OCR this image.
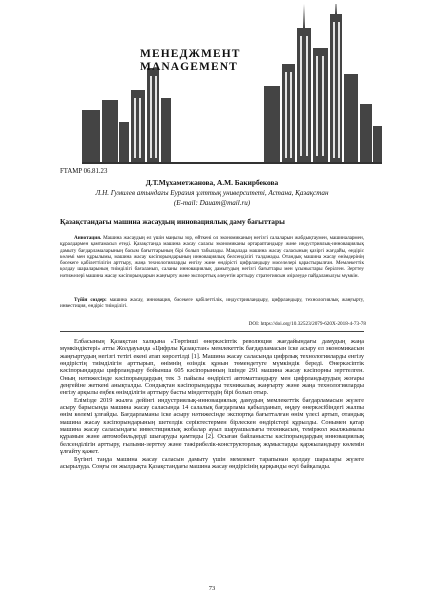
МЕНЕДЖМЕНТ
MANAGEMENT
FTAMP 06.81.23
Д.Т.Мұхаметжанова, А.М. Бакирбекова
Л.Н. Гумилев атындағы Еуразия ұлттық университеті, Астана, Қазақстан
(E-mail: Dauam@mail.ru)
Қазақстандағы машина жасаудың инновациялық даму бағыттары
Аннотация. Машина жасаудың ел үшін маңызы зор, өйткені ол экономиканың негізгі салаларын жабдықтаумен, машиналармен, құралдармен қамтамасыз етеді. Қазақстанда машина жасау саласы экономиканы әртараптандыру және индустриялық-инновациялық дамыту бағдарламаларының басым бағыттарының бірі болып табылады. Мақалада машина жасау саласының қазіргі жағдайы, өндіріс көлемі мен құрылымы, машина жасау кәсіпорындарының инновациялық белсенділігі талданады. Отандық машина жасау өнімдерінің бәсекеге қабілеттілігін арттыру, жаңа технологияларды енгізу және өндірісті цифрландыру мәселелері қарастырылған. Мемлекеттік қолдау шараларының тиімділігі бағаланып, саланы инновациялық дамытудың негізгі бағыттары мен ұсыныстары берілген. Зерттеу нәтижелері машина жасау кәсіпорындарын жаңғырту және экспорттық әлеуетін арттыру стратегиясын әзірлеуде пайдаланылуы мүмкін.
Түйін сөздер: машина жасау, инновация, бәсекеге қабілеттілік, индустрияландыру, цифрландыру, технологиялық жаңғырту, инвестиция, өндіріс тиімділігі.
DOI: https://doi.org/10.32523/2079-620X-2018-4-73-78

Елбасының Қазақстан халқына «Төртінші өнеркәсіптік революция жағдайындағы дамудың жаңа мүмкіндіктері» атты Жолдауында «Цифрлы Қазақстан» мемлекеттік бағдарламасын іске асыру ел экономикасын жаңғыртудың негізгі тетігі екені атап көрсетілді [1]. Машина жасау саласында цифрлық технологияларды енгізу өндірістің тиімділігін арттырып, өнімнің өзіндік құнын төмендетуге мүмкіндік береді. Өнеркәсіптік кәсіпорындарды цифрландыру бойынша 605 кәсіпорынның ішінде 291 машина жасау кәсіпорны зерттелген. Оның нәтижесінде кәсіпорындардың тек 3 пайызы өндірісті автоматтандыру мен цифрландырудың жоғары деңгейіне жеткені анықталды. Сондықтан кәсіпорындарды техникалық жаңғырту және жаңа технологияларды енгізу арқылы еңбек өнімділігін арттыру басты міндеттердің бірі болып отыр.

Елімізде 2019 жылға дейінгі индустриялық-инновациялық дамудың мемлекеттік бағдарламасын жүзеге асыру барысында машина жасау саласында 14 салалық бағдарлама қабылданып, өңдеу өнеркәсібіндегі жалпы өнім көлемі ұлғайды. Бағдарламаны іске асыру нәтижесінде экспортқа бағытталған өнім үлесі артып, отандық машина жасау кәсіпорындарының шетелдік серіктестермен бірлескен өндірістері құрылды. Сонымен қатар машина жасау саласындағы инвестициялық жобалар ауыл шаруашылығы техникасын, теміржол жылжымалы құрамын және автомобильдерді шығаруды қамтиды [2]. Осыған байланысты кәсіпорындардың инновациялық белсенділігін арттыру, ғылыми-зерттеу және тәжірибелік-конструкторлық жұмыстарды қаржыландыру көлемін ұлғайту қажет.

Бүгінгі таңда машина жасау саласын дамыту үшін мемлекет тарапынан қолдау шаралары жүзеге асырылуда. Соңғы он жылдықта Қазақстандағы машина жасау өндірісінің қарқынды өсуі байқалады.

73
